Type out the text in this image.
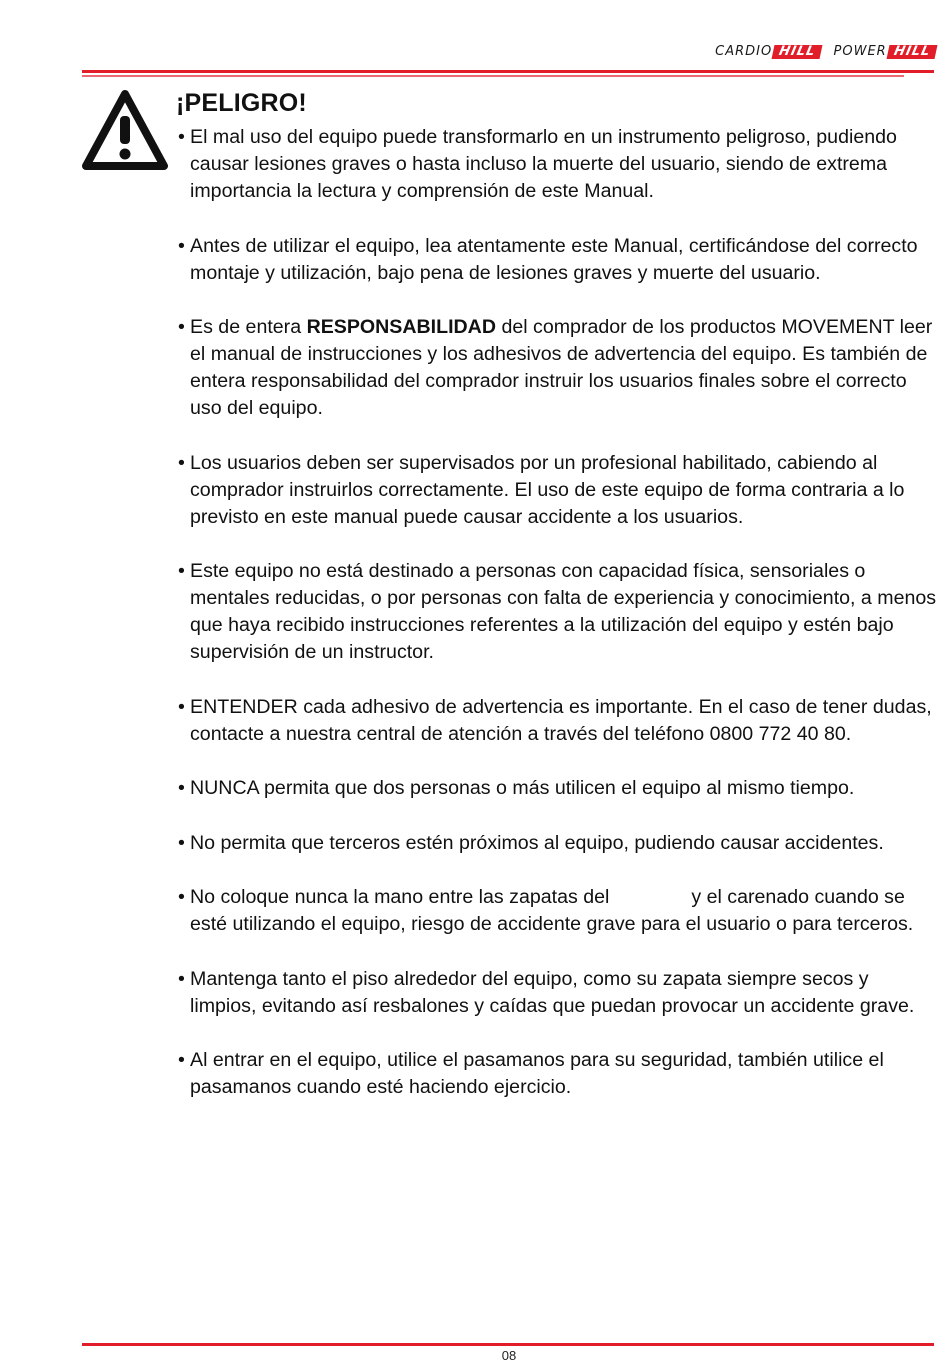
CARDIO HILL	POWER HILL
¡PELIGRO!
• El mal uso del equipo puede transformarlo en un instrumento peligroso, pudiendo causar lesiones graves o hasta incluso la muerte del usuario, siendo de extrema importancia la lectura y comprensión de este Manual.
• Antes de utilizar el equipo, lea atentamente este Manual, certificándose del correcto montaje y utilización, bajo pena de lesiones graves y muerte del usuario.
• Es de entera RESPONSABILIDAD del comprador de los productos MOVEMENT leer el manual de instrucciones y los adhesivos de advertencia del equipo. Es también de entera responsabilidad del comprador instruir los usuarios finales sobre el correcto uso del equipo.
• Los usuarios deben ser supervisados por un profesional habilitado, cabiendo al comprador instruirlos correctamente. El uso de este equipo de forma contraria a lo previsto en este manual puede causar accidente a los usuarios.
• Este equipo no está destinado a personas con capacidad física, sensoriales o mentales reducidas, o por personas con falta de experiencia y conocimiento, a menos que haya recibido instrucciones referentes a la utilización del equipo y estén bajo supervisión de un instructor.
• ENTENDER cada adhesivo de advertencia es importante. En el caso de tener dudas, contacte a nuestra central de atención a través del teléfono 0800 772 40 80.
• NUNCA permita que dos personas o más utilicen el equipo al mismo tiempo.
• No permita que terceros estén próximos al equipo, pudiendo causar accidentes.
• No coloque nunca la mano entre las zapatas del	y el carenado cuando se esté utilizando el equipo, riesgo de accidente grave para el usuario o para terceros.
• Mantenga tanto el piso alrededor del equipo, como su zapata siempre secos y limpios, evitando así resbalones y caídas que puedan provocar un accidente grave.
• Al entrar en el equipo, utilice el pasamanos para su seguridad, también utilice el pasamanos cuando esté haciendo ejercicio.
08
